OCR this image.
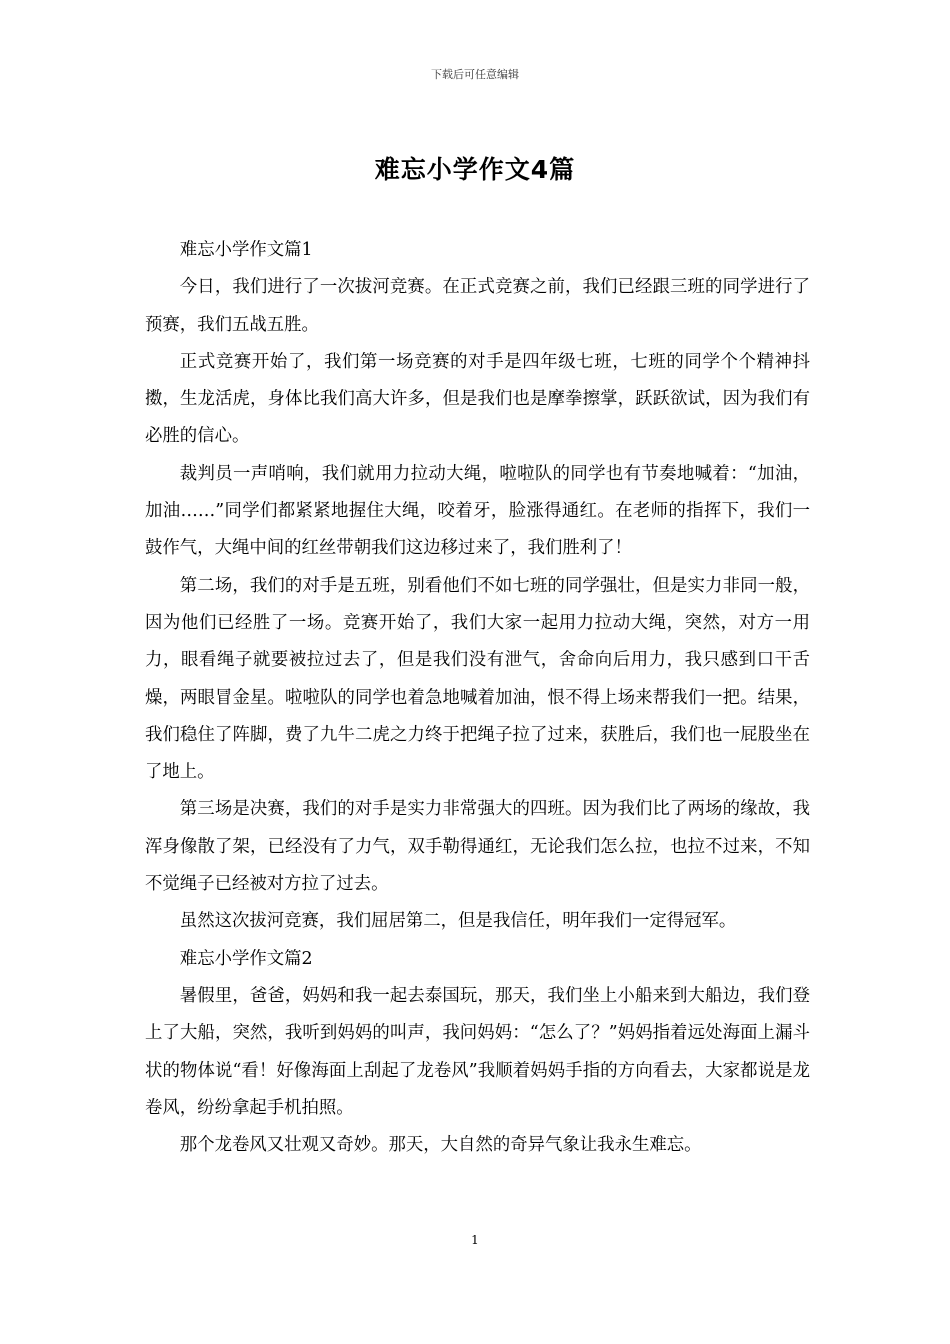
下载后可任意编辑
难忘小学作文4篇

难忘小学作文篇1

今日，我们进行了一次拔河竞赛。在正式竞赛之前，我们已经跟三班的同学进行了预赛，我们五战五胜。

正式竞赛开始了，我们第一场竞赛的对手是四年级七班，七班的同学个个精神抖擞，生龙活虎，身体比我们高大许多，但是我们也是摩拳擦掌，跃跃欲试，因为我们有必胜的信心。

裁判员一声哨响，我们就用力拉动大绳，啦啦队的同学也有节奏地喊着：“加油，加油……”同学们都紧紧地握住大绳，咬着牙，脸涨得通红。在老师的指挥下，我们一鼓作气，大绳中间的红丝带朝我们这边移过来了，我们胜利了！

第二场，我们的对手是五班，别看他们不如七班的同学强壮，但是实力非同一般，因为他们已经胜了一场。竞赛开始了，我们大家一起用力拉动大绳，突然，对方一用力，眼看绳子就要被拉过去了，但是我们没有泄气，舍命向后用力，我只感到口干舌燥，两眼冒金星。啦啦队的同学也着急地喊着加油，恨不得上场来帮我们一把。结果，我们稳住了阵脚，费了九牛二虎之力终于把绳子拉了过来，获胜后，我们也一屁股坐在了地上。

第三场是决赛，我们的对手是实力非常强大的四班。因为我们比了两场的缘故，我浑身像散了架，已经没有了力气，双手勒得通红，无论我们怎么拉，也拉不过来，不知不觉绳子已经被对方拉了过去。

虽然这次拔河竞赛，我们屈居第二，但是我信任，明年我们一定得冠军。

难忘小学作文篇2

暑假里，爸爸，妈妈和我一起去泰国玩，那天，我们坐上小船来到大船边，我们登上了大船，突然，我听到妈妈的叫声，我问妈妈：“怎么了？”妈妈指着远处海面上漏斗状的物体说“看！好像海面上刮起了龙卷风”我顺着妈妈手指的方向看去，大家都说是龙卷风，纷纷拿起手机拍照。

那个龙卷风又壮观又奇妙。那天，大自然的奇异气象让我永生难忘。

1
